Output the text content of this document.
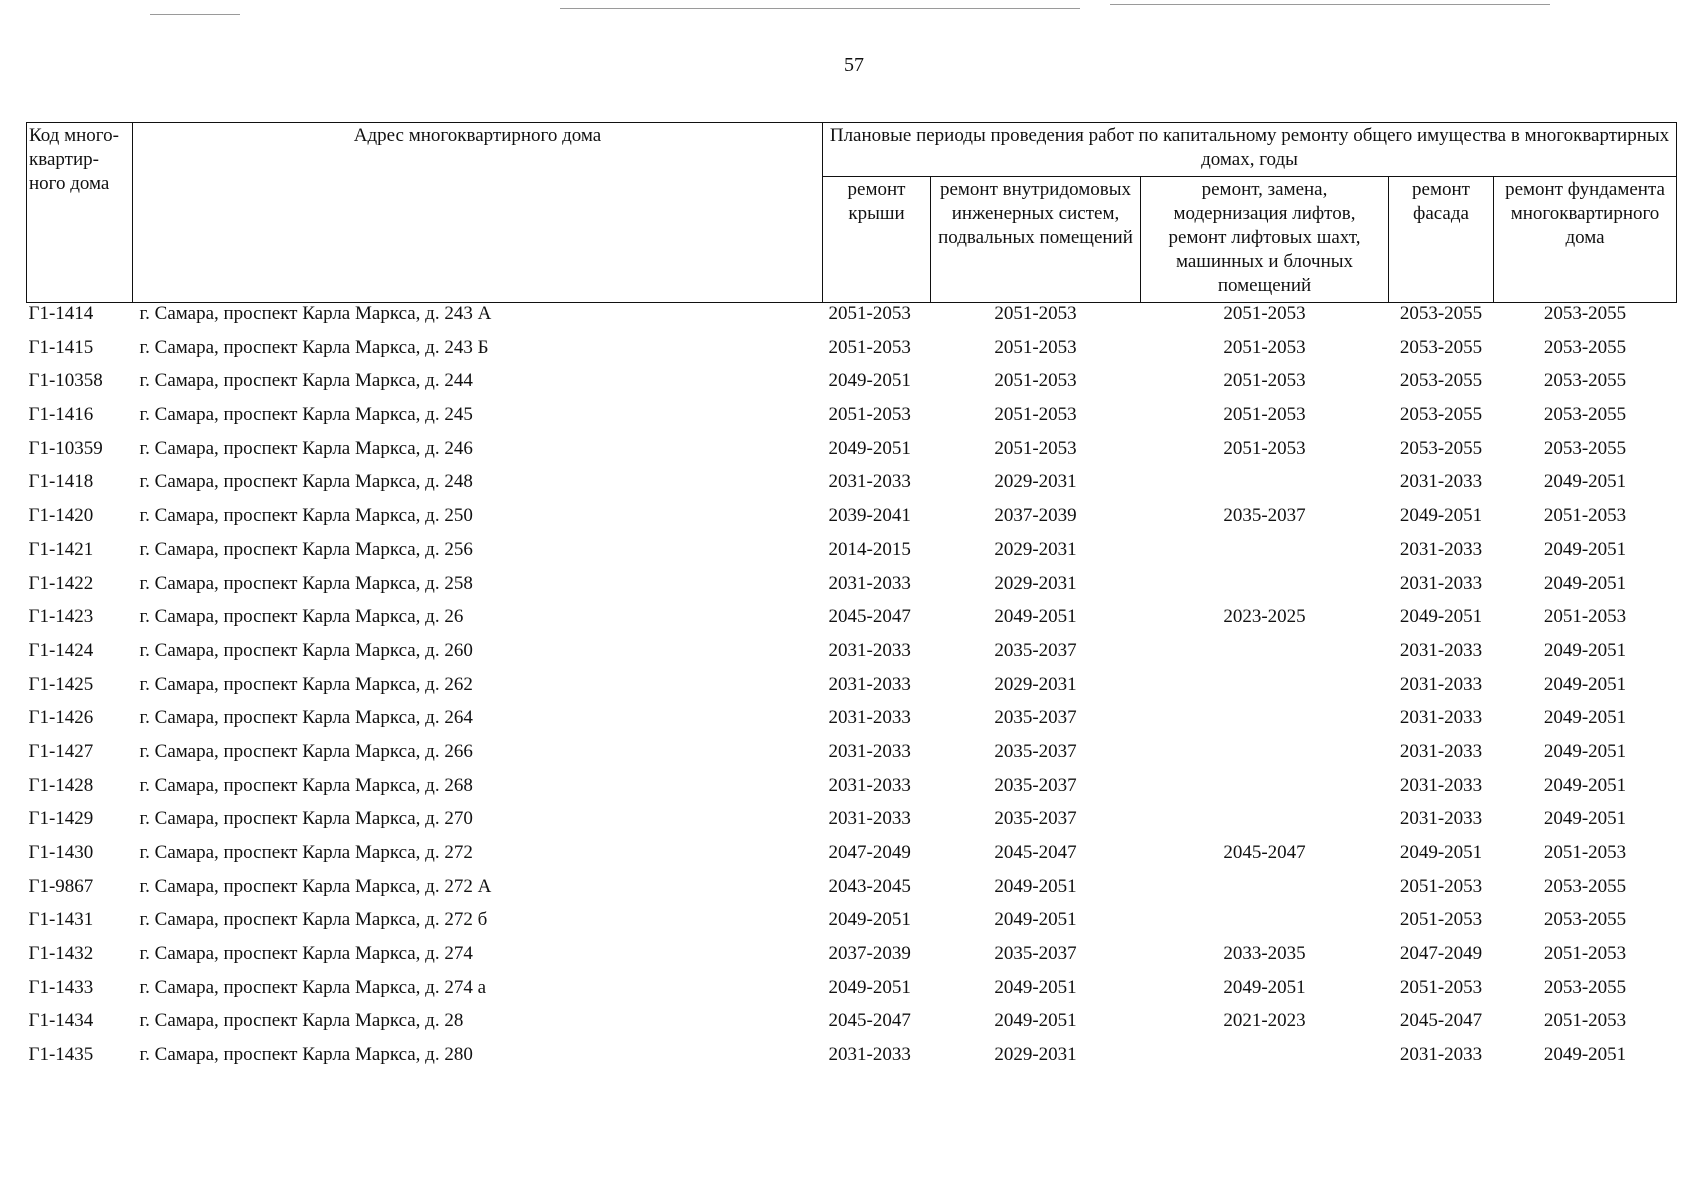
57
Код много-квартир-ного дома	Адрес многоквартирного дома	Плановые периоды проведения работ по капитальному ремонту общего имущества в многоквартирных домах, годы				
		ремонт крыши	ремонт внутридомовых инженерных систем, подвальных помещений	ремонт, замена, модернизация лифтов, ремонт лифтовых шахт, машинных и блочных помещений	ремонт фасада	ремонт фундамента многоквартирного дома
Г1-1414	г. Самара, проспект Карла Маркса, д. 243 А	2051-2053	2051-2053	2051-2053	2053-2055	2053-2055
Г1-1415	г. Самара, проспект Карла Маркса, д. 243 Б	2051-2053	2051-2053	2051-2053	2053-2055	2053-2055
Г1-10358	г. Самара, проспект Карла Маркса, д. 244	2049-2051	2051-2053	2051-2053	2053-2055	2053-2055
Г1-1416	г. Самара, проспект Карла Маркса, д. 245	2051-2053	2051-2053	2051-2053	2053-2055	2053-2055
Г1-10359	г. Самара, проспект Карла Маркса, д. 246	2049-2051	2051-2053	2051-2053	2053-2055	2053-2055
Г1-1418	г. Самара, проспект Карла Маркса, д. 248	2031-2033	2029-2031		2031-2033	2049-2051
Г1-1420	г. Самара, проспект Карла Маркса, д. 250	2039-2041	2037-2039	2035-2037	2049-2051	2051-2053
Г1-1421	г. Самара, проспект Карла Маркса, д. 256	2014-2015	2029-2031		2031-2033	2049-2051
Г1-1422	г. Самара, проспект Карла Маркса, д. 258	2031-2033	2029-2031		2031-2033	2049-2051
Г1-1423	г. Самара, проспект Карла Маркса, д. 26	2045-2047	2049-2051	2023-2025	2049-2051	2051-2053
Г1-1424	г. Самара, проспект Карла Маркса, д. 260	2031-2033	2035-2037		2031-2033	2049-2051
Г1-1425	г. Самара, проспект Карла Маркса, д. 262	2031-2033	2029-2031		2031-2033	2049-2051
Г1-1426	г. Самара, проспект Карла Маркса, д. 264	2031-2033	2035-2037		2031-2033	2049-2051
Г1-1427	г. Самара, проспект Карла Маркса, д. 266	2031-2033	2035-2037		2031-2033	2049-2051
Г1-1428	г. Самара, проспект Карла Маркса, д. 268	2031-2033	2035-2037		2031-2033	2049-2051
Г1-1429	г. Самара, проспект Карла Маркса, д. 270	2031-2033	2035-2037		2031-2033	2049-2051
Г1-1430	г. Самара, проспект Карла Маркса, д. 272	2047-2049	2045-2047	2045-2047	2049-2051	2051-2053
Г1-9867	г. Самара, проспект Карла Маркса, д. 272 А	2043-2045	2049-2051		2051-2053	2053-2055
Г1-1431	г. Самара, проспект Карла Маркса, д. 272 б	2049-2051	2049-2051		2051-2053	2053-2055
Г1-1432	г. Самара, проспект Карла Маркса, д. 274	2037-2039	2035-2037	2033-2035	2047-2049	2051-2053
Г1-1433	г. Самара, проспект Карла Маркса, д. 274 а	2049-2051	2049-2051	2049-2051	2051-2053	2053-2055
Г1-1434	г. Самара, проспект Карла Маркса, д. 28	2045-2047	2049-2051	2021-2023	2045-2047	2051-2053
Г1-1435	г. Самара, проспект Карла Маркса, д. 280	2031-2033	2029-2031		2031-2033	2049-2051
